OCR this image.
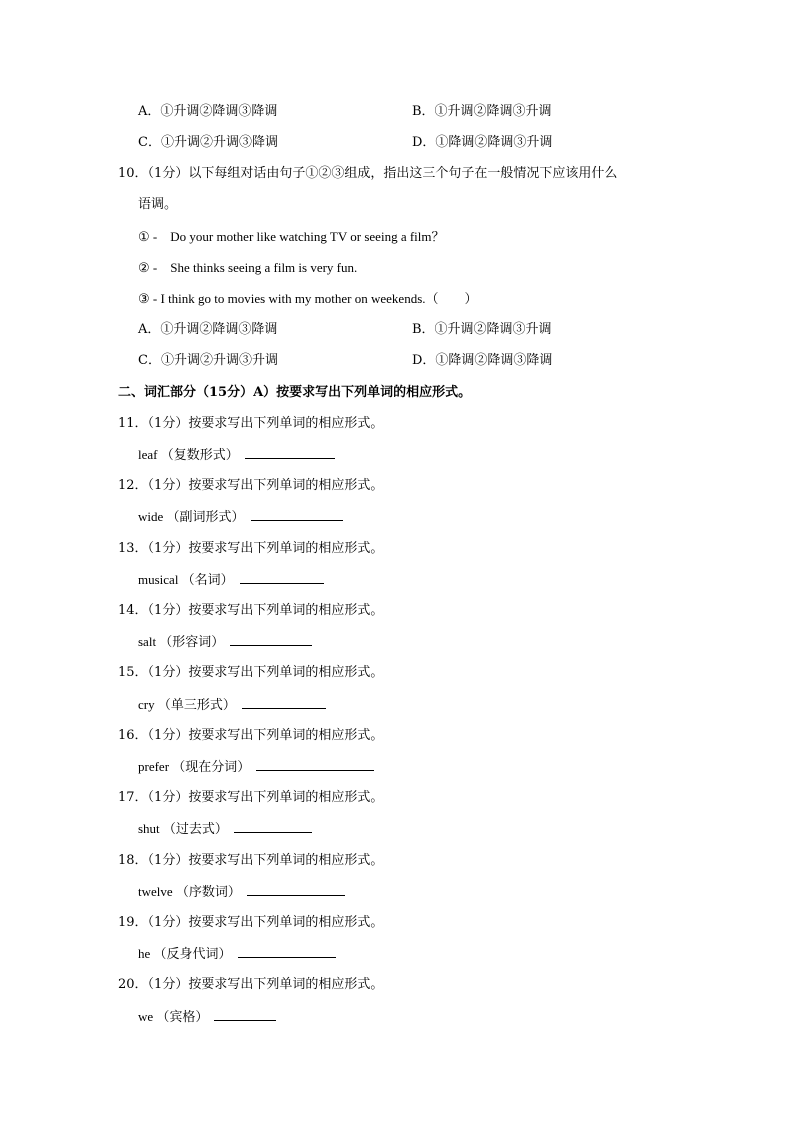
A．①升调②降调③降调	B．①升调②降调③升调
C．①升调②升调③降调	D．①降调②降调③升调
10．（1分）以下每组对话由句子①②③组成，指出这三个句子在一般情况下应该用什么
语调。
① -　Do your mother like watching TV or seeing a film？
② -　She thinks seeing a film is very fun.
③ - I think go to movies with my mother on weekends.（　　）
A．①升调②降调③降调	B．①升调②降调③升调
C．①升调②升调③升调	D．①降调②降调③降调
二、词汇部分（15分）A）按要求写出下列单词的相应形式。
11．（1分）按要求写出下列单词的相应形式。
leaf （复数形式）
12．（1分）按要求写出下列单词的相应形式。
wide （副词形式）
13．（1分）按要求写出下列单词的相应形式。
musical （名词）
14．（1分）按要求写出下列单词的相应形式。
salt （形容词）
15．（1分）按要求写出下列单词的相应形式。
cry （单三形式）
16．（1分）按要求写出下列单词的相应形式。
prefer （现在分词）
17．（1分）按要求写出下列单词的相应形式。
shut （过去式）
18．（1分）按要求写出下列单词的相应形式。
twelve （序数词）
19．（1分）按要求写出下列单词的相应形式。
he （反身代词）
20．（1分）按要求写出下列单词的相应形式。
we （宾格）
